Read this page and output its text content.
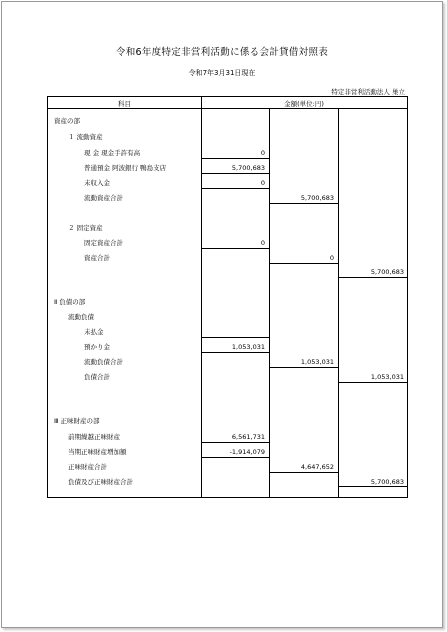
令和6年度特定非営利活動に係る会計貸借対照表
令和7年3月31日現在
特定非営利活動法人 巣立
科目	金額(単位:円)
資産の部
１ 流動資産
現 金 現金手許有高
普通預金 阿波銀行 鴨島支店
未収入金
流動資産合計
２ 固定資産
固定資産合計
資産合計
Ⅱ 負債の部
流動負債
未払金
預かり金
流動負債合計
負債合計
Ⅲ 正味財産の部
前期繰越正味財産
当期正味財産増加額
正味財産合計
負債及び正味財産合計
0
5,700,683
0
0
1,053,031
6,561,731
-1,914,079
5,700,683
0
1,053,031
4,647,652
5,700,683
1,053,031
5,700,683
